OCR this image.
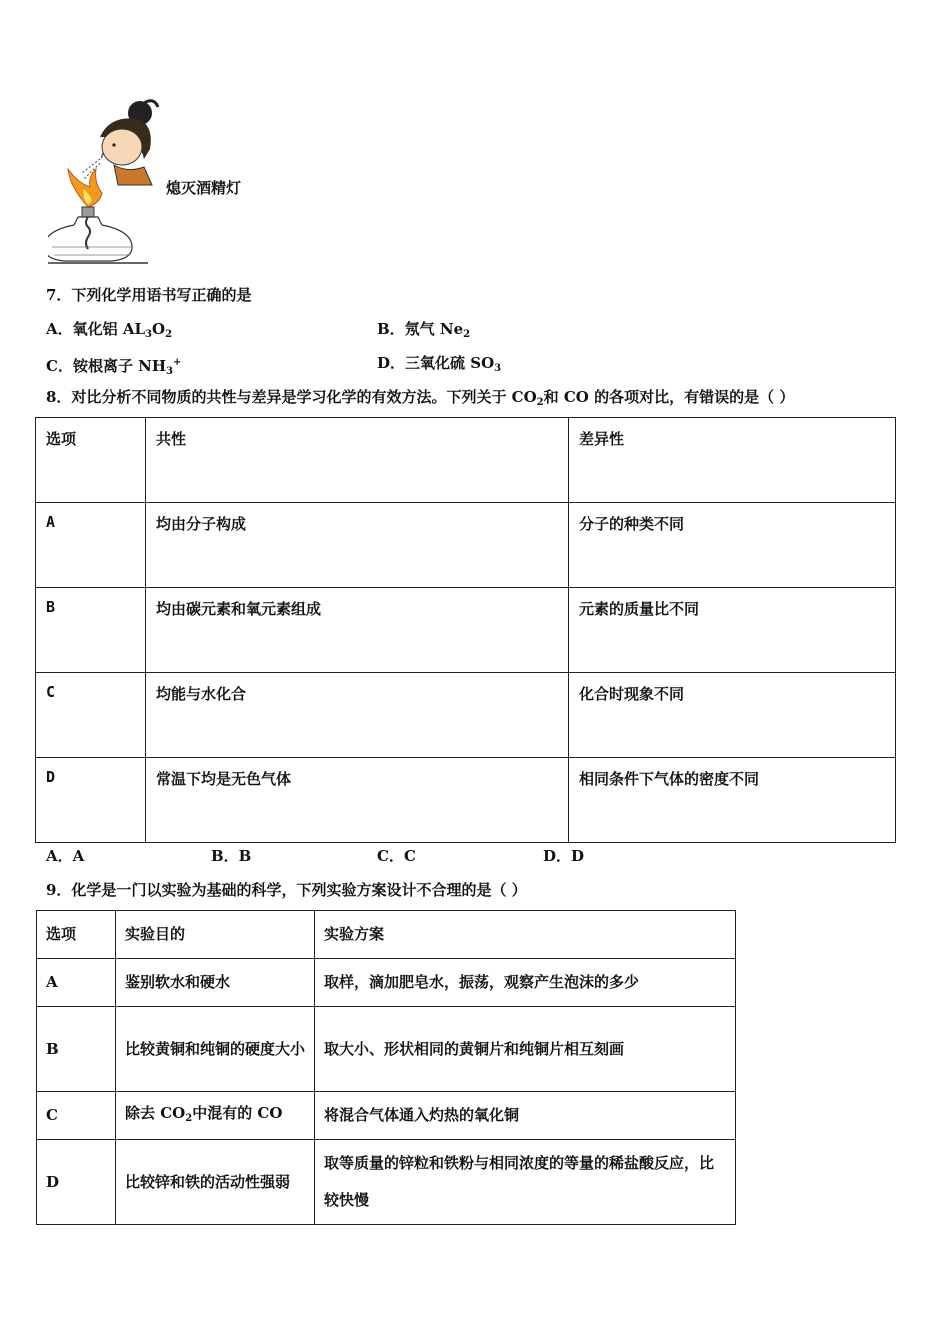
熄灭酒精灯
7．下列化学用语书写正确的是
A．氧化铝 $AL_3O_2$	B．氖气 $Ne_2$
C．铵根离子 $NH_3^+$	D．三氧化硫 $SO_3$
8．对比分析不同物质的共性与差异是学习化学的有效方法。下列关于 $CO_2$和 CO 的各项对比，有错误的是（ ）
选项	共性	差异性
A	均由分子构成	分子的种类不同
B	均由碳元素和氧元素组成	元素的质量比不同
C	均能与水化合	化合时现象不同
D	常温下均是无色气体	相同条件下气体的密度不同
A．A	B．B	C．C	D．D
9．化学是一门以实验为基础的科学，下列实验方案设计不合理的是（ ）
选项	实验目的	实验方案
A	鉴别软水和硬水	取样，滴加肥皂水，振荡，观察产生泡沫的多少
B	比较黄铜和纯铜的硬度大小	取大小、形状相同的黄铜片和纯铜片相互刻画
C	除去 $CO_2$中混有的 CO	将混合气体通入灼热的氧化铜
D	比较锌和铁的活动性强弱	取等质量的锌粒和铁粉与相同浓度的等量的稀盐酸反应，比较快慢
